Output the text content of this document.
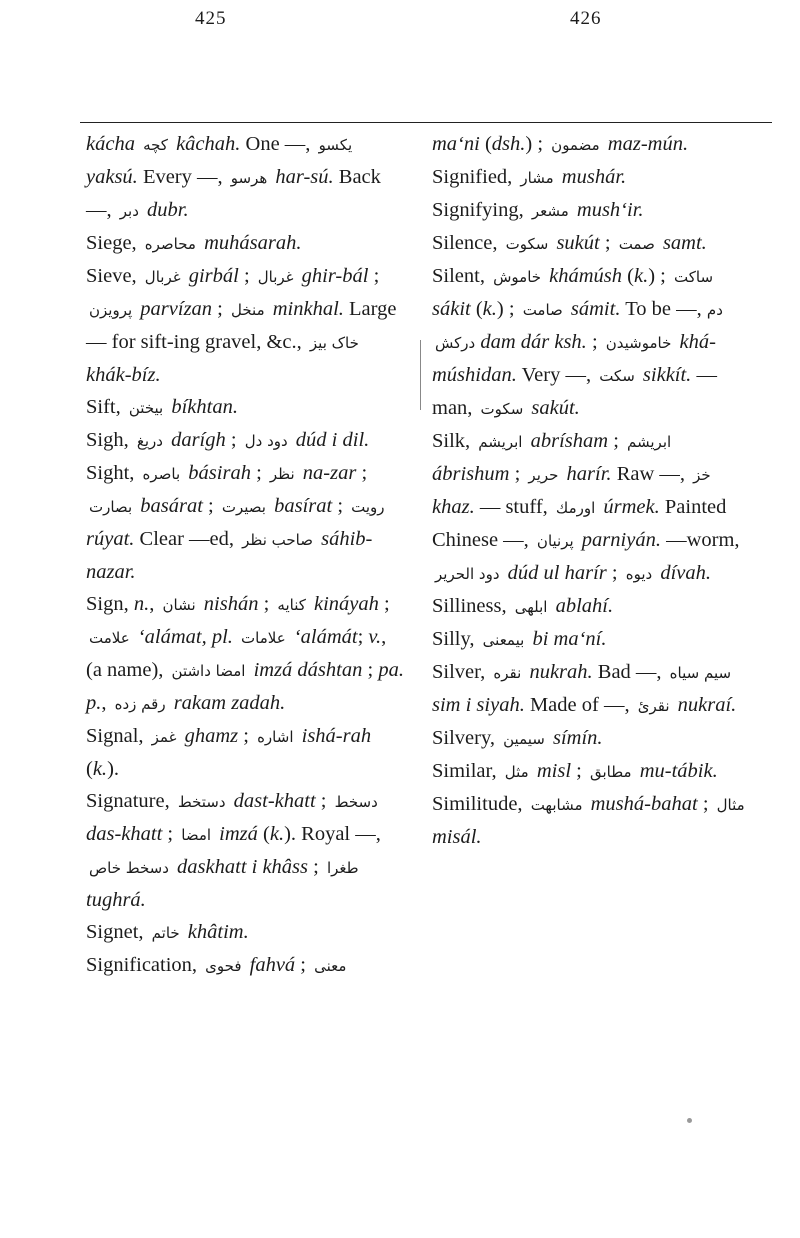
425	426

kácha کچه kâchah. One —, یکسو yaksú. Every —, هرسو har-sú. Back —, دبر dubr.

Siege, محاصره muhásarah.

Sieve, غربال girbál ; غربال ghir-bál ; پرويزن parvízan ; منخل minkhal. Large — for sift-ing gravel, &c., خاک بيز khák-bíz.

Sift, بيختن bíkhtan.

Sigh, دريغ darígh ; دود دل dúd i dil.

Sight, باصره básirah ; نظر na-zar ; بصارت basárat ; بصيرت basírat ; رويت rúyat. Clear —ed, صاحب نظر sáhib-nazar.

Sign, n., نشان nishán ; كنايه kináyah ; علامت ʻalámat, pl. علامات ʻalámát; v., (a name), امضا داشتن imzá dáshtan ; pa. p., رقم زده rakam zadah.

Signal, غمز ghamz ; اشاره ishá-rah (k.).

Signature, دستخط dast-khatt ; دسخط das-khatt ; امضا imzá (k.). Royal —, دسخط خاص daskhatt i khâss ; طغرا tughrá.

Signet, خاتم khâtim.

Signification, فحوى fahvá ; معنى

maʻni (dsh.) ; مضمون maz-mún.

Signified, مشار mushár.

Signifying, مشعر mushʻir.

Silence, سكوت sukút ; صمت samt.

Silent, خاموش khámúsh (k.) ; ساكت sákit (k.) ; صامت sámit. To be —, دم دركش dam dár ksh. ; خاموشيدن khá-múshidan. Very —, سكت sikkít. — man, سكوت sakút.

Silk, ابريشم abrísham ; ابريشم ábrishum ; حرير harír. Raw —, خز khaz. — stuff, اورمك úrmek. Painted Chinese —, پرنيان parniyán. —worm, دود الحرير dúd ul harír ; ديوه dívah.

Silliness, ابلهى ablahí.

Silly, بيمعنى bi maʻní.

Silver, نقره nukrah. Bad —, سيم سياه sim i siyah. Made of —, نقرئ nukraí.

Silvery, سيمين símín.

Similar, مثل misl ; مطابق mu-tábik.

Similitude, مشابهت mushá-bahat ; مثال misál.
